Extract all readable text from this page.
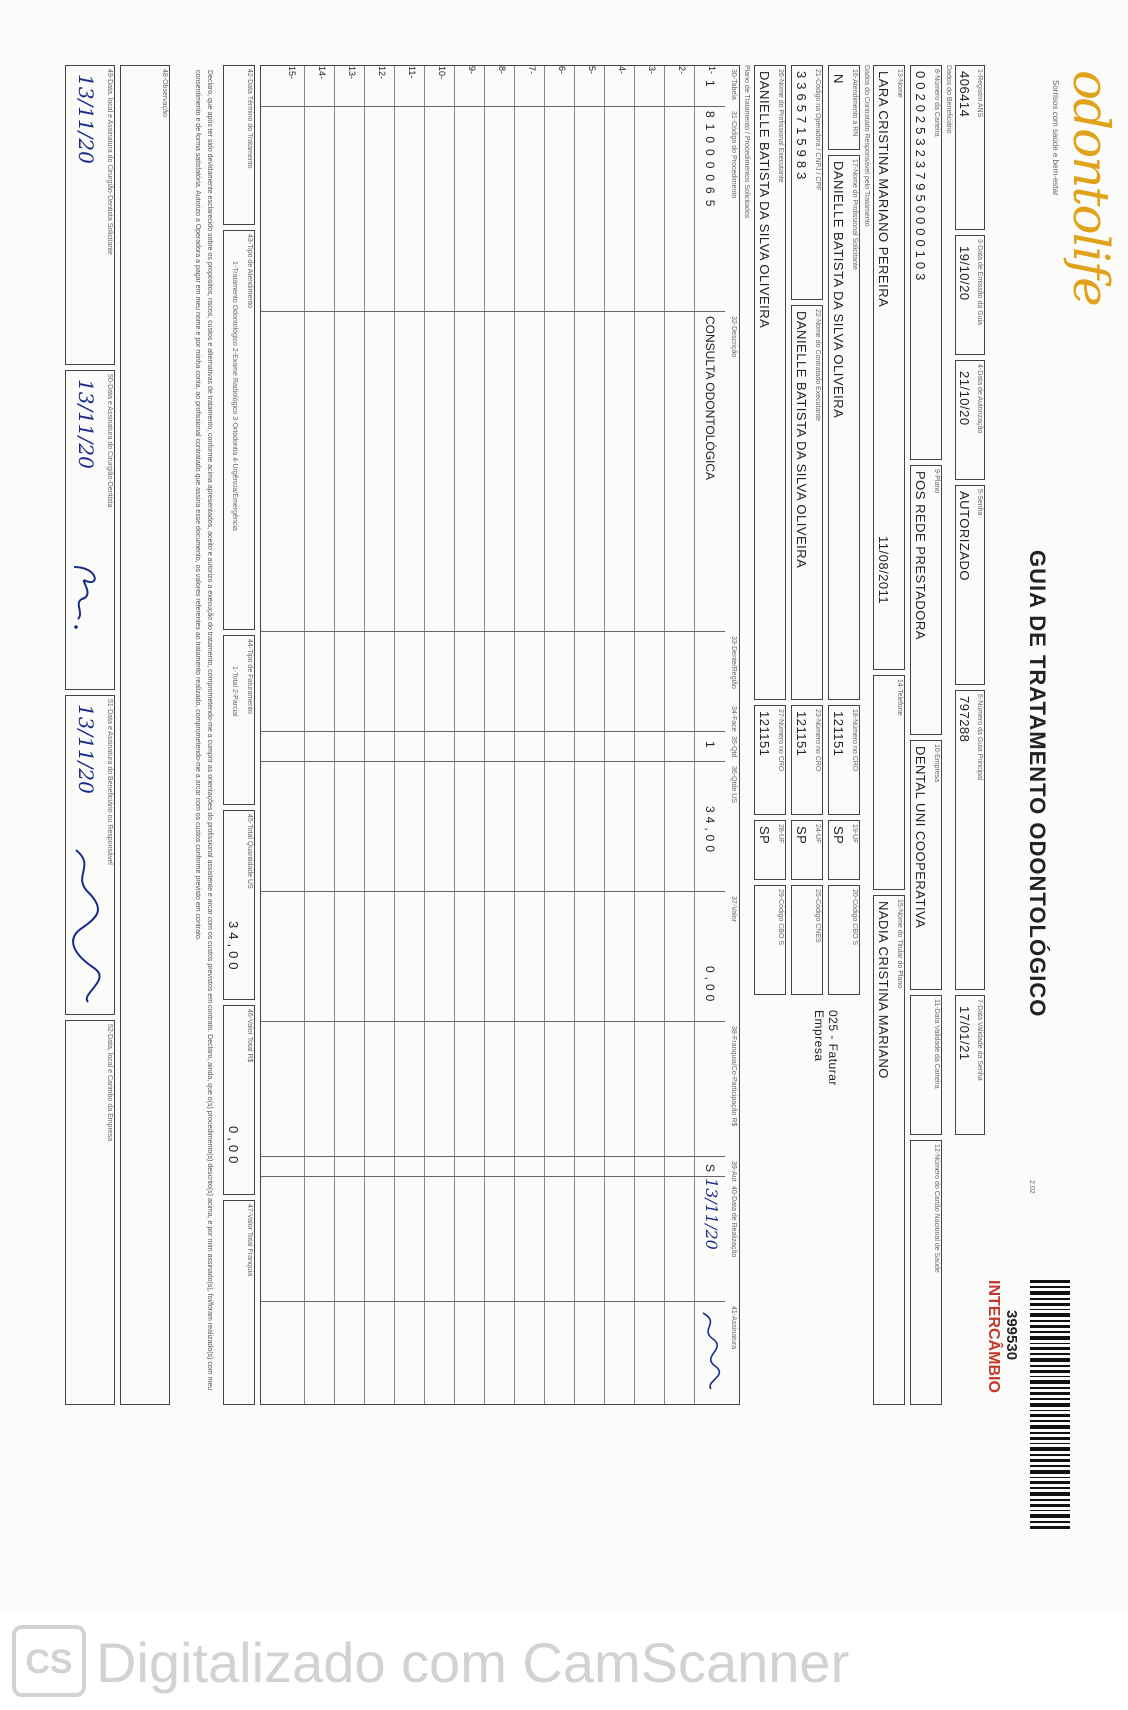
odontolife
Sorrisos com saúde e bem-estar
GUIA DE TRATAMENTO ODONTOLÓGICO
2.02
399530
INTERCÂMBIO
1-Registro ANS
406414
3-Data de Emissão da Guia
19/10/20
4-Data de Autorização
21/10/20
5-Senha
AUTORIZADO
6-Número da Guia Principal
797288
7-Data Validade da Senha
17/01/21
Dados do Beneficiário
8-Número da Carteira
0020253237950000103
9-Plano
POS REDE PRESTADORA
10-Empresa
DENTAL UNI COOPERATIVA
11-Data Validade da Carteira
12-Número do Cartão Nacional de Saúde
13-Nome
LARA CRISTINA MARIANO PEREIRA
11/08/2011
14-Telefone
15-Nome do Titular do Plano
NADIA CRISTINA MARIANO
Dados do Contratado Responsável pelo Tratamento
16-Atendimento a RN
N
17-Nome do Profissional Solicitante
DANIELLE BATISTA DA SILVA OLIVEIRA
18-Número no CRO
121151
19-UF
SP
20-Código CBO S
21-Código na Operadora / CNPJ / CPF
3365715983
22-Nome do Contratado Executante
DANIELLE BATISTA DA SILVA OLIVEIRA
23-Número no CRO
121151
24-UF
SP
25-Código CNES
025 - Faturar Empresa
26-Nome do Profissional Executante
DANIELLE BATISTA DA SILVA OLIVEIRA
27-Número no CRO
121151
28-UF
SP
29-Código CBO S
Plano de Tratamento / Procedimentos Solicitados
30-Tabela
31-Código do Procedimento
32-Descrição
33-Dente/Região
34-Face
35-Qtd
36-Qtde US
37-Valor
38-Franquia/Co-Participação R$
39-Aut
40-Data de Realização
41-Assinatura
1-
1
81000065
CONSULTA ODONTOLÓGICA
1
34,00
0,00
S
13/11/20
2-
3-
4-
5-
6-
7-
8-
9-
10-
11-
12-
13-
14-
15-
42-Data Término do Tratamento
43-Tipo de Atendimento
1-Tratamento Odontológico 2-Exame Radiológico 3-Ortodontia 4-Urgência/Emergência
44-Tipo de Faturamento
1-Total 2-Parcial
45-Total Quantidade US
34,00
46-Valor Total R$
0,00
47-Valor Total Franquia
Declaro, que após ter sido devidamente esclarecido sobre os propósitos, riscos, custos e alternativas de tratamento, conforme acima apresentados, aceito e autorizo a execução do tratamento, comprometendo-me a cumprir as orientações do profissional assistente e arcar com os custos previstos em contrato. Declaro, ainda, que o(s) procedimento(s) descrito(s) acima, e por mim assinado(s), foi/foram realizado(s) com meu consentimento e de forma satisfatória. Autorizo a Operadora a pagar em meu nome e por minha conta, ao profissional contratado que assina esse documento, os valores referentes ao tratamento realizado, comprometendo-me a arcar com os custos conforme previsto em contrato.
48-Observação
49-Data, local e Assinatura do Cirurgião-Dentista Solicitante
13/11/20
50-Data e Assinatura do Cirurgião-Dentista
13/11/20
51-Data e Assinatura do Beneficiário ou Responsável
13/11/20
52-Data, local e Carimbo da Empresa
CS Digitalizado com CamScanner
